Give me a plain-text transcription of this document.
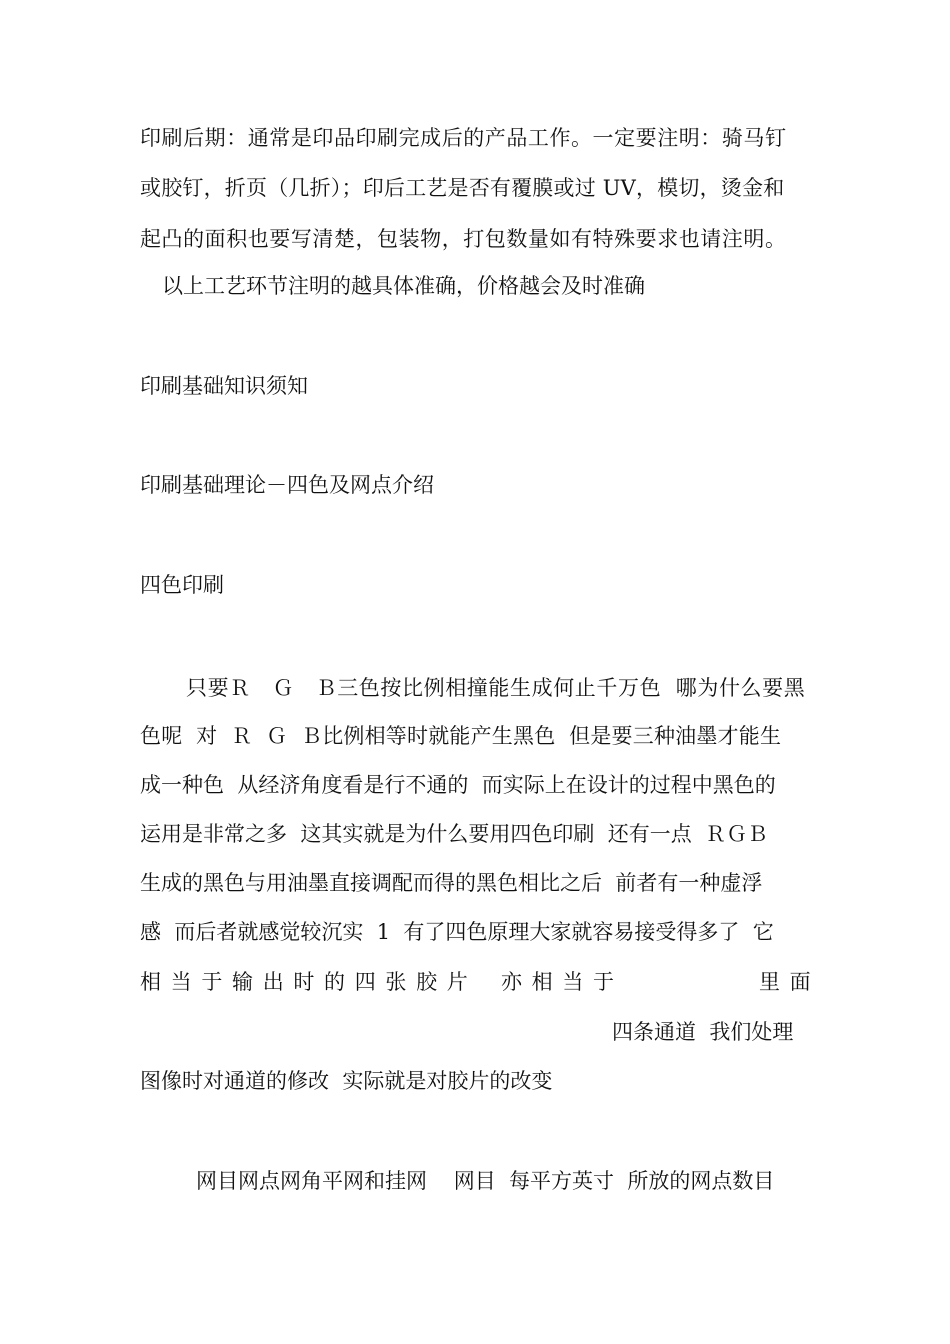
印刷后期：通常是印品印刷完成后的产品工作。一定要注明：骑马钉
或胶钉，折页（几折）；印后工艺是否有覆膜或过 UV，模切，烫金和
起凸的面积也要写清楚，包装物，打包数量如有特殊要求也请注明。
以上工艺环节注明的越具体准确，价格越会及时准确
印刷基础知识须知
印刷基础理论－四色及网点介绍
四色印刷
只要Ｒ　Ｇ　Ｂ三色按比例相撞能生成何止千万色  哪为什么要黑
色呢  对  Ｒ  Ｇ  Ｂ比例相等时就能产生黑色  但是要三种油墨才能生
成一种色  从经济角度看是行不通的  而实际上在设计的过程中黑色的
运用是非常之多  这其实就是为什么要用四色印刷  还有一点  ＲＧＢ
生成的黑色与用油墨直接调配而得的黑色相比之后  前者有一种虚浮
感  而后者就感觉较沉实  1  有了四色原理大家就容易接受得多了  它
相 当 于 输 出 时 的 四 张 胶 片 亦 相 当 于	里 面
四条通道  我们处理
图像时对通道的修改  实际就是对胶片的改变
网目网点网角平网和挂网    网目  每平方英寸  所放的网点数目
